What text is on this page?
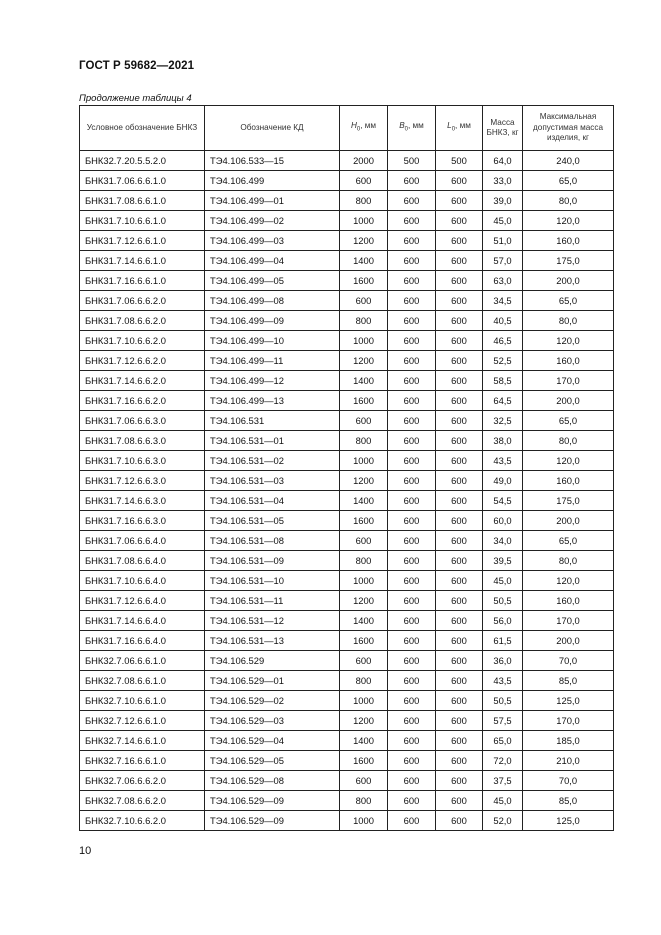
ГОСТ Р 59682—2021
Продолжение таблицы 4
Условное обозначение БНКЗ	Обозначение КД	$H_0$, мм	$B_0$, мм	$L_0$, мм	Масса БНКЗ, кг	Максимальная допустимая масса изделия, кг
БНК32.7.20.5.5.2.0	ТЭ4.106.533—15	2000	500	500	64,0	240,0
БНК31.7.06.6.6.1.0	ТЭ4.106.499	600	600	600	33,0	65,0
БНК31.7.08.6.6.1.0	ТЭ4.106.499—01	800	600	600	39,0	80,0
БНК31.7.10.6.6.1.0	ТЭ4.106.499—02	1000	600	600	45,0	120,0
БНК31.7.12.6.6.1.0	ТЭ4.106.499—03	1200	600	600	51,0	160,0
БНК31.7.14.6.6.1.0	ТЭ4.106.499—04	1400	600	600	57,0	175,0
БНК31.7.16.6.6.1.0	ТЭ4.106.499—05	1600	600	600	63,0	200,0
БНК31.7.06.6.6.2.0	ТЭ4.106.499—08	600	600	600	34,5	65,0
БНК31.7.08.6.6.2.0	ТЭ4.106.499—09	800	600	600	40,5	80,0
БНК31.7.10.6.6.2.0	ТЭ4.106.499—10	1000	600	600	46,5	120,0
БНК31.7.12.6.6.2.0	ТЭ4.106.499—11	1200	600	600	52,5	160,0
БНК31.7.14.6.6.2.0	ТЭ4.106.499—12	1400	600	600	58,5	170,0
БНК31.7.16.6.6.2.0	ТЭ4.106.499—13	1600	600	600	64,5	200,0
БНК31.7.06.6.6.3.0	ТЭ4.106.531	600	600	600	32,5	65,0
БНК31.7.08.6.6.3.0	ТЭ4.106.531—01	800	600	600	38,0	80,0
БНК31.7.10.6.6.3.0	ТЭ4.106.531—02	1000	600	600	43,5	120,0
БНК31.7.12.6.6.3.0	ТЭ4.106.531—03	1200	600	600	49,0	160,0
БНК31.7.14.6.6.3.0	ТЭ4.106.531—04	1400	600	600	54,5	175,0
БНК31.7.16.6.6.3.0	ТЭ4.106.531—05	1600	600	600	60,0	200,0
БНК31.7.06.6.6.4.0	ТЭ4.106.531—08	600	600	600	34,0	65,0
БНК31.7.08.6.6.4.0	ТЭ4.106.531—09	800	600	600	39,5	80,0
БНК31.7.10.6.6.4.0	ТЭ4.106.531—10	1000	600	600	45,0	120,0
БНК31.7.12.6.6.4.0	ТЭ4.106.531—11	1200	600	600	50,5	160,0
БНК31.7.14.6.6.4.0	ТЭ4.106.531—12	1400	600	600	56,0	170,0
БНК31.7.16.6.6.4.0	ТЭ4.106.531—13	1600	600	600	61,5	200,0
БНК32.7.06.6.6.1.0	ТЭ4.106.529	600	600	600	36,0	70,0
БНК32.7.08.6.6.1.0	ТЭ4.106.529—01	800	600	600	43,5	85,0
БНК32.7.10.6.6.1.0	ТЭ4.106.529—02	1000	600	600	50,5	125,0
БНК32.7.12.6.6.1.0	ТЭ4.106.529—03	1200	600	600	57,5	170,0
БНК32.7.14.6.6.1.0	ТЭ4.106.529—04	1400	600	600	65,0	185,0
БНК32.7.16.6.6.1.0	ТЭ4.106.529—05	1600	600	600	72,0	210,0
БНК32.7.06.6.6.2.0	ТЭ4.106.529—08	600	600	600	37,5	70,0
БНК32.7.08.6.6.2.0	ТЭ4.106.529—09	800	600	600	45,0	85,0
БНК32.7.10.6.6.2.0	ТЭ4.106.529—09	1000	600	600	52,0	125,0
10
